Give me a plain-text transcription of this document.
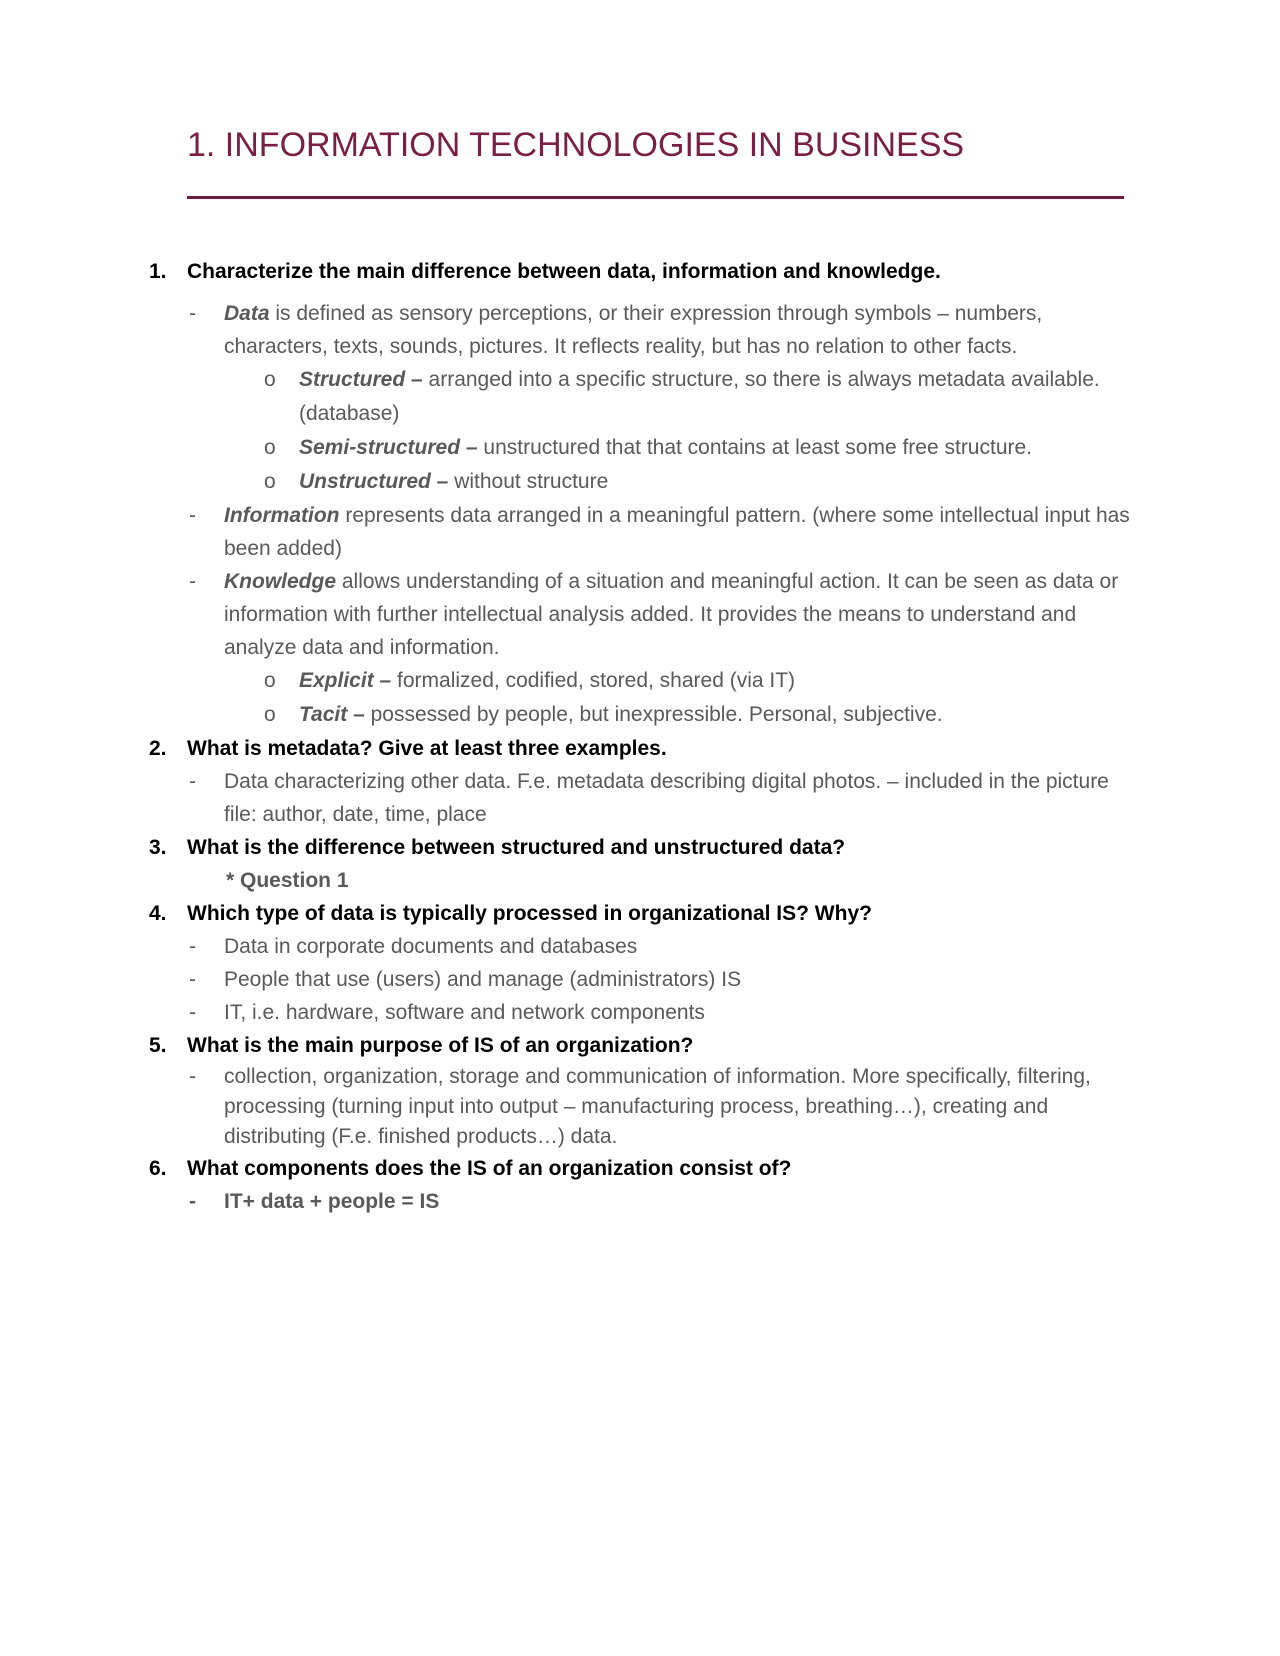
1. INFORMATION TECHNOLOGIES IN BUSINESS
1. Characterize the main difference between data, information and knowledge.
- Data is defined as sensory perceptions, or their expression through symbols – numbers, characters, texts, sounds, pictures. It reflects reality, but has no relation to other facts.
o Structured – arranged into a specific structure, so there is always metadata available. (database)
o Semi-structured – unstructured that that contains at least some free structure.
o Unstructured – without structure
- Information represents data arranged in a meaningful pattern. (where some intellectual input has been added)
- Knowledge allows understanding of a situation and meaningful action. It can be seen as data or information with further intellectual analysis added. It provides the means to understand and analyze data and information.
o Explicit – formalized, codified, stored, shared (via IT)
o Tacit – possessed by people, but inexpressible. Personal, subjective.
2. What is metadata? Give at least three examples.
- Data characterizing other data. F.e. metadata describing digital photos. – included in the picture file: author, date, time, place
3. What is the difference between structured and unstructured data?
* Question 1
4. Which type of data is typically processed in organizational IS? Why?
- Data in corporate documents and databases
- People that use (users) and manage (administrators) IS
- IT, i.e. hardware, software and network components
5. What is the main purpose of IS of an organization?
- collection, organization, storage and communication of information. More specifically, filtering, processing (turning input into output – manufacturing process, breathing…), creating and distributing (F.e. finished products…) data.
6. What components does the IS of an organization consist of?
- IT+ data + people = IS
